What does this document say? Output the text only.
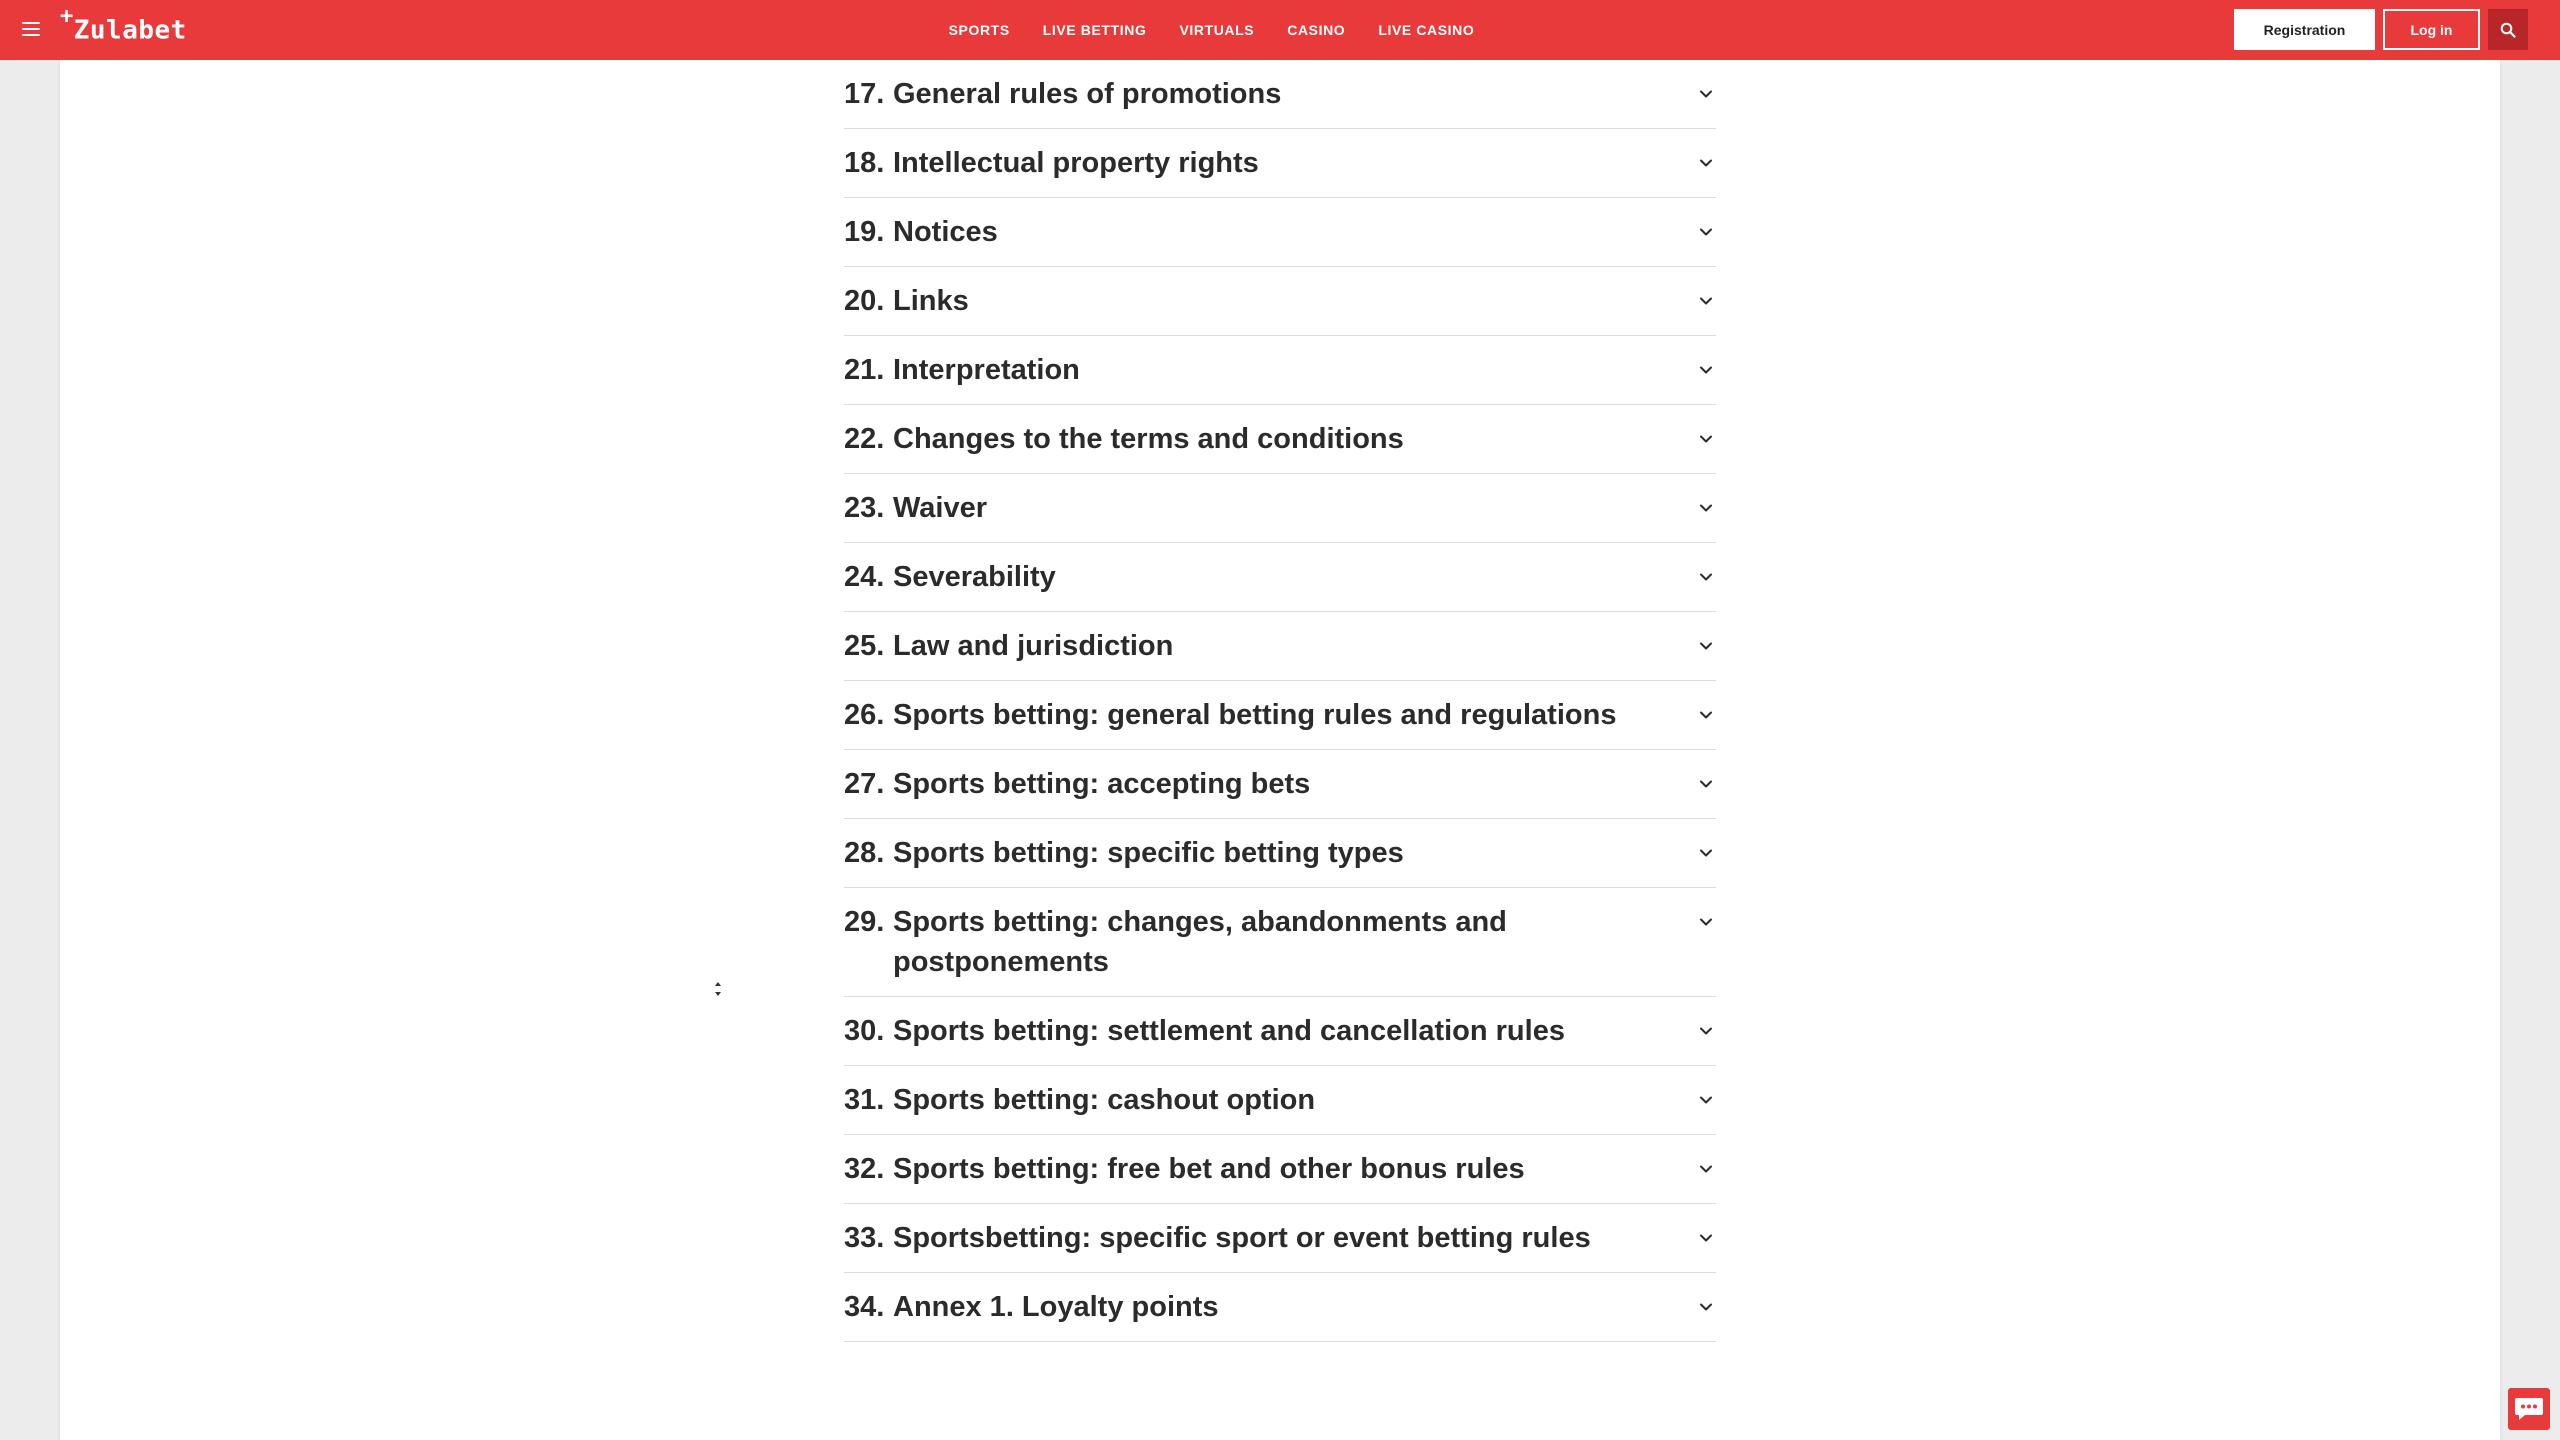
+Zulabet	SPORTS LIVE BETTING VIRTUALS CASINO LIVE CASINO	Registration	Log in
17. General rules of promotions
18. Intellectual property rights
19. Notices
20. Links
21. Interpretation
22. Changes to the terms and conditions
23. Waiver
24. Severability
25. Law and jurisdiction
26. Sports betting: general betting rules and regulations
27. Sports betting: accepting bets
28. Sports betting: specific betting types
29. Sports betting: changes, abandonments and postponements
30. Sports betting: settlement and cancellation rules
31. Sports betting: cashout option
32. Sports betting: free bet and other bonus rules
33. Sportsbetting: specific sport or event betting rules
34. Annex 1. Loyalty points
